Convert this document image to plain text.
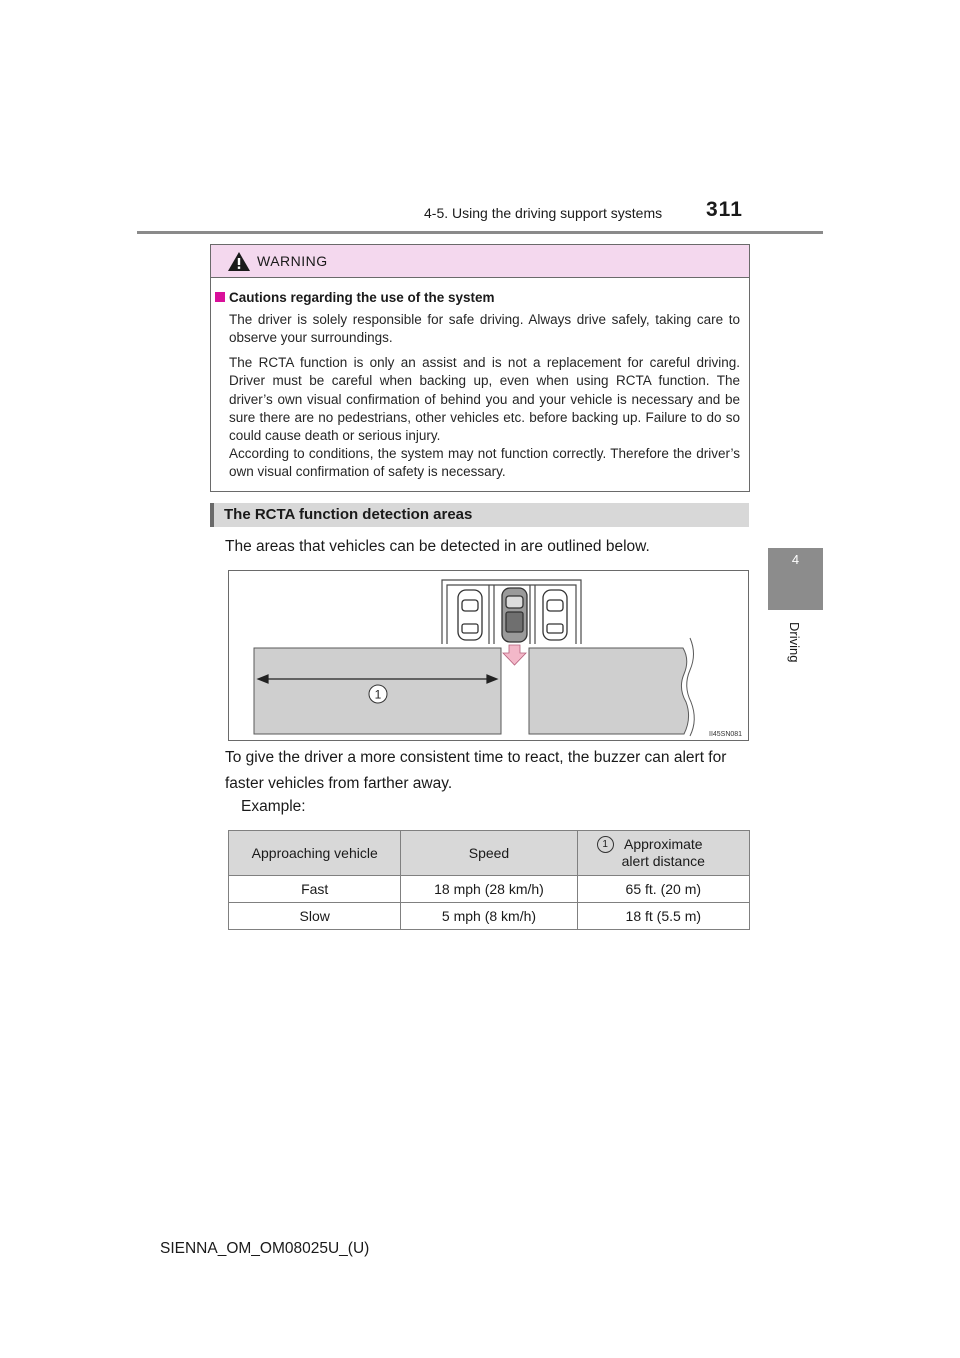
4-5. Using the driving support systems 311
4
Driving
WARNING
Cautions regarding the use of the system
The driver is solely responsible for safe driving. Always drive safely, taking care to observe your surroundings.
The RCTA function is only an assist and is not a replacement for careful driving. Driver must be careful when backing up, even when using RCTA function. The driver’s own visual confirmation of behind you and your vehicle is necessary and be sure there are no pedestrians, other vehicles etc. before backing up. Failure to do so could cause death or serious injury.
According to conditions, the system may not function correctly. Therefore the driver’s own visual confirmation of safety is necessary.
The RCTA function detection areas
The areas that vehicles can be detected in are outlined below.
1
II45SN081
To give the driver a more consistent time to react, the buzzer can alert for faster vehicles from farther away.
Example:
Approaching vehicle	Speed	1 Approximate
alert distance
Fast	18 mph (28 km/h)	65 ft. (20 m)
Slow	5 mph (8 km/h)	18 ft (5.5 m)
SIENNA_OM_OM08025U_(U)
